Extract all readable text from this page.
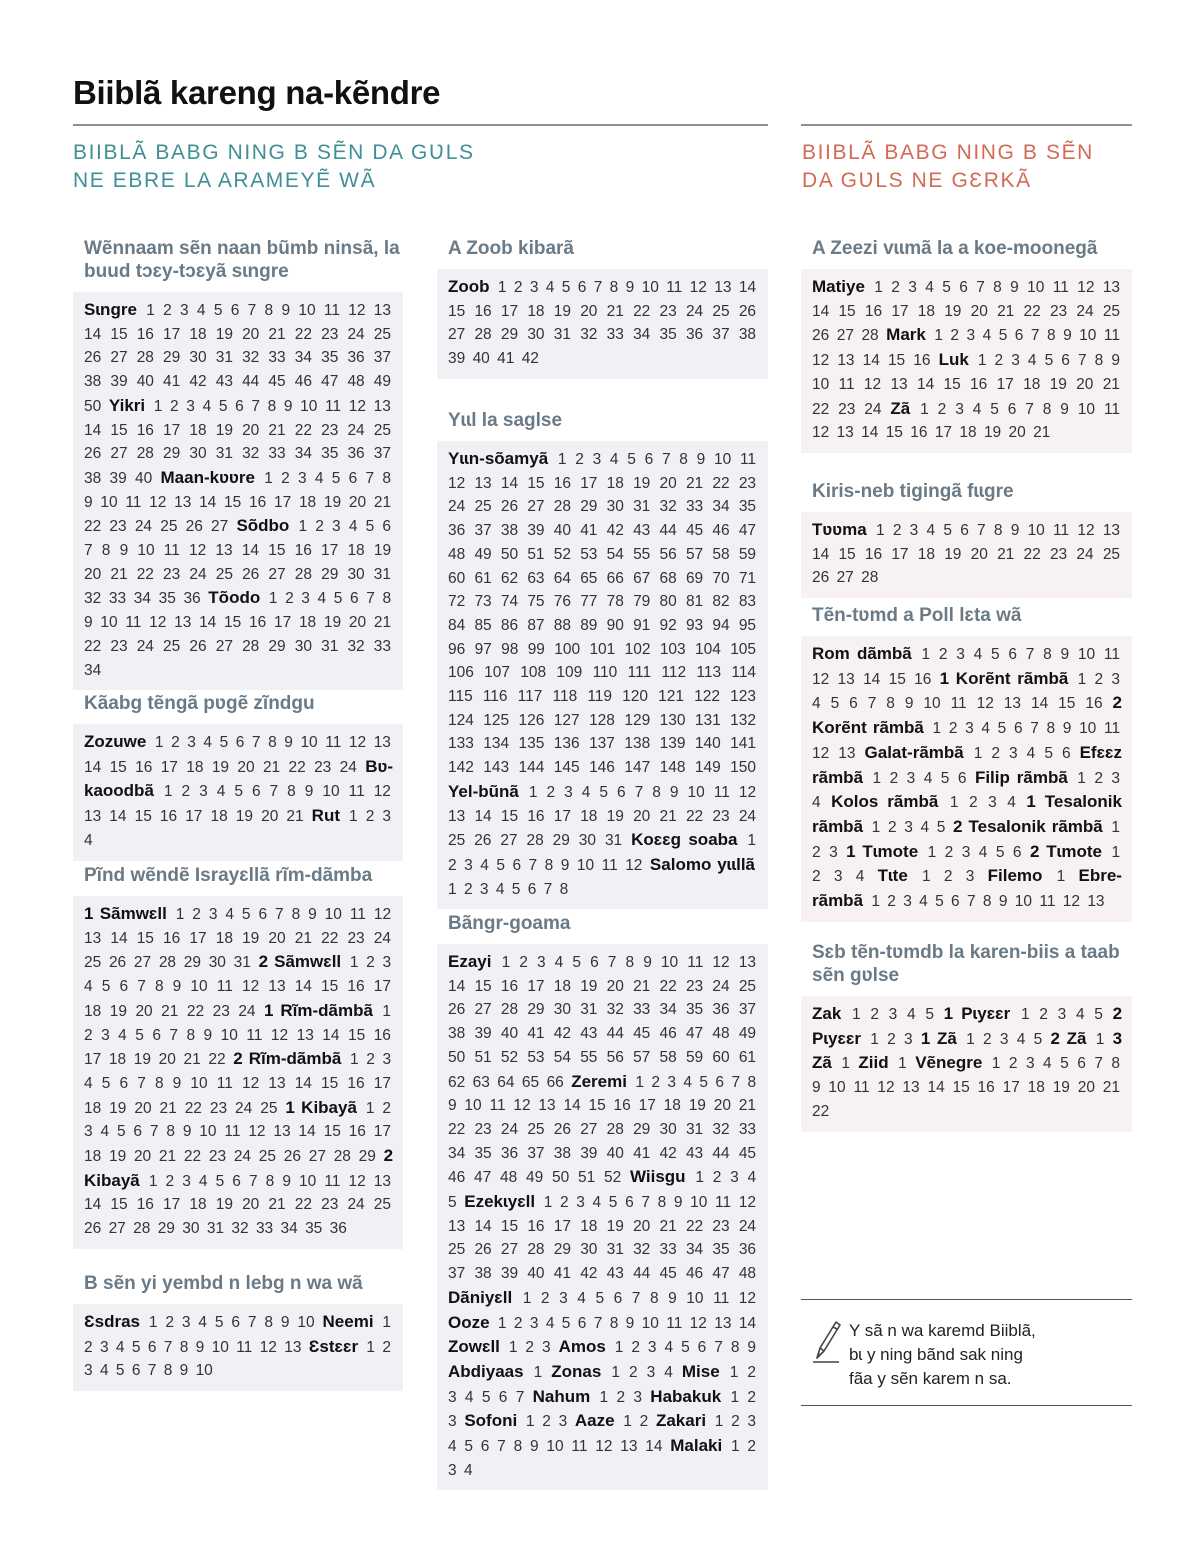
Biiblã kareng na-kẽndre
BIIBLÃ BABG NING B SẼN DA GƲLS
NE EBRE LA ARAMEYẼ WÃ
BIIBLÃ BABG NING B SẼN
DA GƲLS NE GƐRKÃ
Wẽnnaam sẽn naan bũmb ninsã, la buud tɔɛy-tɔɛyã sɩngre
Sɩngre 1 2 3 4 5 6 7 8 9 10 11 12 13 14 15 16 17 18 19 20 21 22 23 24 25 26 27 28 29 30 31 32 33 34 35 36 37 38 39 40 41 42 43 44 45 46 47 48 49 50 Yikri 1 2 3 4 5 6 7 8 9 10 11 12 13 14 15 16 17 18 19 20 21 22 23 24 25 26 27 28 29 30 31 32 33 34 35 36 37 38 39 40 Maan-kʋʋre 1 2 3 4 5 6 7 8 9 10 11 12 13 14 15 16 17 18 19 20 21 22 23 24 25 26 27 Sõdbo 1 2 3 4 5 6 7 8 9 10 11 12 13 14 15 16 17 18 19 20 21 22 23 24 25 26 27 28 29 30 31 32 33 34 35 36 Tõodo 1 2 3 4 5 6 7 8 9 10 11 12 13 14 15 16 17 18 19 20 21 22 23 24 25 26 27 28 29 30 31 32 33 34
Kãabg tẽngã pʋgẽ zĩndgu
Zozuwe 1 2 3 4 5 6 7 8 9 10 11 12 13 14 15 16 17 18 19 20 21 22 23 24 Bʋ-kaoodbã 1 2 3 4 5 6 7 8 9 10 11 12 13 14 15 16 17 18 19 20 21 Rut 1 2 3 4
Pĩnd wẽndẽ Israyɛllã rĩm-dãmba
1 Sãmwɛll 1 2 3 4 5 6 7 8 9 10 11 12 13 14 15 16 17 18 19 20 21 22 23 24 25 26 27 28 29 30 31 2 Sãmwɛll 1 2 3 4 5 6 7 8 9 10 11 12 13 14 15 16 17 18 19 20 21 22 23 24 1 Rĩm-dãmbã 1 2 3 4 5 6 7 8 9 10 11 12 13 14 15 16 17 18 19 20 21 22 2 Rĩm-dãmbã 1 2 3 4 5 6 7 8 9 10 11 12 13 14 15 16 17 18 19 20 21 22 23 24 25 1 Kibayã 1 2 3 4 5 6 7 8 9 10 11 12 13 14 15 16 17 18 19 20 21 22 23 24 25 26 27 28 29 2 Kibayã 1 2 3 4 5 6 7 8 9 10 11 12 13 14 15 16 17 18 19 20 21 22 23 24 25 26 27 28 29 30 31 32 33 34 35 36
B sẽn yi yembd n lebg n wa wã
Ɛsdras 1 2 3 4 5 6 7 8 9 10 Neemi 1 2 3 4 5 6 7 8 9 10 11 12 13 Ɛstɛɛr 1 2 3 4 5 6 7 8 9 10
A Zoob kibarã
Zoob 1 2 3 4 5 6 7 8 9 10 11 12 13 14 15 16 17 18 19 20 21 22 23 24 25 26 27 28 29 30 31 32 33 34 35 36 37 38 39 40 41 42
Yɩɩl la saglse
Yɩɩn-sõamyã 1 2 3 4 5 6 7 8 9 10 11 12 13 14 15 16 17 18 19 20 21 22 23 24 25 26 27 28 29 30 31 32 33 34 35 36 37 38 39 40 41 42 43 44 45 46 47 48 49 50 51 52 53 54 55 56 57 58 59 60 61 62 63 64 65 66 67 68 69 70 71 72 73 74 75 76 77 78 79 80 81 82 83 84 85 86 87 88 89 90 91 92 93 94 95 96 97 98 99 100 101 102 103 104 105 106 107 108 109 110 111 112 113 114 115 116 117 118 119 120 121 122 123 124 125 126 127 128 129 130 131 132 133 134 135 136 137 138 139 140 141 142 143 144 145 146 147 148 149 150 Yel-bũnã 1 2 3 4 5 6 7 8 9 10 11 12 13 14 15 16 17 18 19 20 21 22 23 24 25 26 27 28 29 30 31 Koɛɛg soaba 1 2 3 4 5 6 7 8 9 10 11 12 Salomo yɩɩllã 1 2 3 4 5 6 7 8
Bãngr-goama
Ezayi 1 2 3 4 5 6 7 8 9 10 11 12 13 14 15 16 17 18 19 20 21 22 23 24 25 26 27 28 29 30 31 32 33 34 35 36 37 38 39 40 41 42 43 44 45 46 47 48 49 50 51 52 53 54 55 56 57 58 59 60 61 62 63 64 65 66 Zeremi 1 2 3 4 5 6 7 8 9 10 11 12 13 14 15 16 17 18 19 20 21 22 23 24 25 26 27 28 29 30 31 32 33 34 35 36 37 38 39 40 41 42 43 44 45 46 47 48 49 50 51 52 Wiisgu 1 2 3 4 5 Ezekɩyɛll 1 2 3 4 5 6 7 8 9 10 11 12 13 14 15 16 17 18 19 20 21 22 23 24 25 26 27 28 29 30 31 32 33 34 35 36 37 38 39 40 41 42 43 44 45 46 47 48 Dãniyɛll 1 2 3 4 5 6 7 8 9 10 11 12 Ooze 1 2 3 4 5 6 7 8 9 10 11 12 13 14 Zowɛll 1 2 3 Amos 1 2 3 4 5 6 7 8 9 Abdiyaas 1 Zonas 1 2 3 4 Mise 1 2 3 4 5 6 7 Nahum 1 2 3 Habakuk 1 2 3 Sofoni 1 2 3 Aaze 1 2 Zakari 1 2 3 4 5 6 7 8 9 10 11 12 13 14 Malaki 1 2 3 4
A Zeezi vɩɩmã la a koe-moonegã
Matiye 1 2 3 4 5 6 7 8 9 10 11 12 13 14 15 16 17 18 19 20 21 22 23 24 25 26 27 28 Mark 1 2 3 4 5 6 7 8 9 10 11 12 13 14 15 16 Luk 1 2 3 4 5 6 7 8 9 10 11 12 13 14 15 16 17 18 19 20 21 22 23 24 Zã 1 2 3 4 5 6 7 8 9 10 11 12 13 14 15 16 17 18 19 20 21
Kiris-neb tigingã fɩɩgre
Tʋʋma 1 2 3 4 5 6 7 8 9 10 11 12 13 14 15 16 17 18 19 20 21 22 23 24 25 26 27 28
Tẽn-tʋmd a Poll lɛta wã
Rom dãmbã 1 2 3 4 5 6 7 8 9 10 11 12 13 14 15 16 1 Korẽnt rãmbã 1 2 3 4 5 6 7 8 9 10 11 12 13 14 15 16 2 Korẽnt rãmbã 1 2 3 4 5 6 7 8 9 10 11 12 13 Galat-rãmbã 1 2 3 4 5 6 Efɛɛz rãmbã 1 2 3 4 5 6 Filip rãmbã 1 2 3 4 Kolos rãmbã 1 2 3 4 1 Tesalonik rãmbã 1 2 3 4 5 2 Tesalonik rãmbã 1 2 3 1 Tɩmote 1 2 3 4 5 6 2 Tɩmote 1 2 3 4 Tɩte 1 2 3 Filemo 1 Ebre-rãmbã 1 2 3 4 5 6 7 8 9 10 11 12 13
Sɛb tẽn-tʋmdb la karen-biis a taab sẽn gʋlse
Zak 1 2 3 4 5 1 Pɩyɛɛr 1 2 3 4 5 2 Pɩyɛɛr 1 2 3 1 Zã 1 2 3 4 5 2 Zã 1 3 Zã 1 Ziid 1 Vẽnegre 1 2 3 4 5 6 7 8 9 10 11 12 13 14 15 16 17 18 19 20 21 22
Y sã n wa karemd Biiblã,
bɩ y ning bãnd sak ning
fãa y sẽn karem n sa.
